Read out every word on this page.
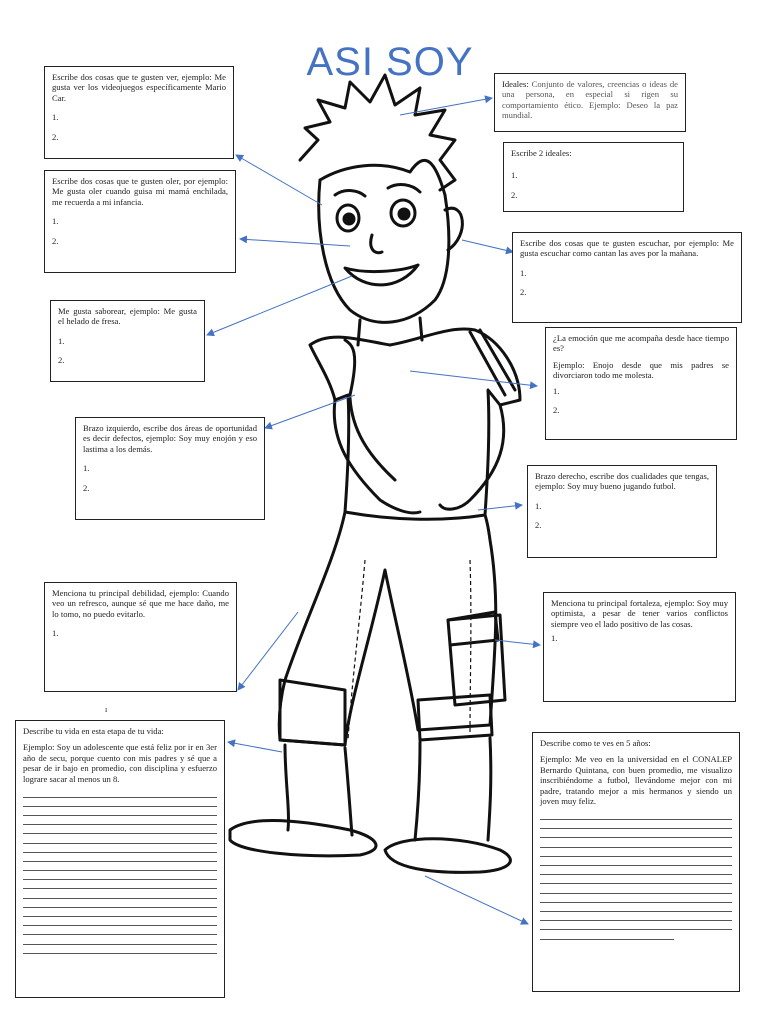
ASI SOY
Escribe dos cosas que te gusten ver, ejemplo: Me gusta ver los videojuegos específicamente Mario Car.
1.
2.
Escribe dos cosas que te gusten oler, por ejemplo: Me gusta oler cuando guisa mi mamá enchilada, me recuerda a mi infancia.
1.
2.
Me gusta saborear, ejemplo: Me gusta el helado de fresa.
1.
2.
Brazo izquierdo, escribe dos áreas de oportunidad es decir defectos, ejemplo: Soy muy enojón y eso lastima a los demás.
1.
2.
Menciona tu principal debilidad, ejemplo: Cuando veo un refresco, aunque sé que me hace daño, me lo tomo, no puedo evitarlo.
1.
ı
Describe tu vida en esta etapa de tu vida:
Ejemplo: Soy un adolescente que está feliz por ir en 3er año de secu, porque cuento con mis padres y sé que a pesar de ir bajo en promedio, con disciplina y esfuerzo lograre sacar al menos un 8.
Ideales: Conjunto de valores, creencias o ideas de una persona, en especial si rigen su comportamiento ético. Ejemplo: Deseo la paz mundial.
Escribe 2 ideales:
1.
2.
Escribe dos cosas que te gusten escuchar, por ejemplo: Me gusta escuchar como cantan las aves por la mañana.
1.
2.
¿La emoción que me acompaña desde hace tiempo es?
Ejemplo: Enojo desde que mis padres se divorciaron todo me molesta.
1.
2.
Brazo derecho, escribe dos cualidades que tengas, ejemplo: Soy muy bueno jugando futbol.
1.
2.
Menciona tu principal fortaleza, ejemplo: Soy muy optimista, a pesar de tener varios conflictos siempre veo el lado positivo de las cosas.
1.
Describe como te ves en 5 años:
Ejemplo: Me veo en la universidad en el CONALEP Bernardo Quintana, con buen promedio, me visualizo inscribiéndome a futbol, llevándome mejor con mi padre, tratando mejor a mis hermanos y siendo un joven muy feliz.
